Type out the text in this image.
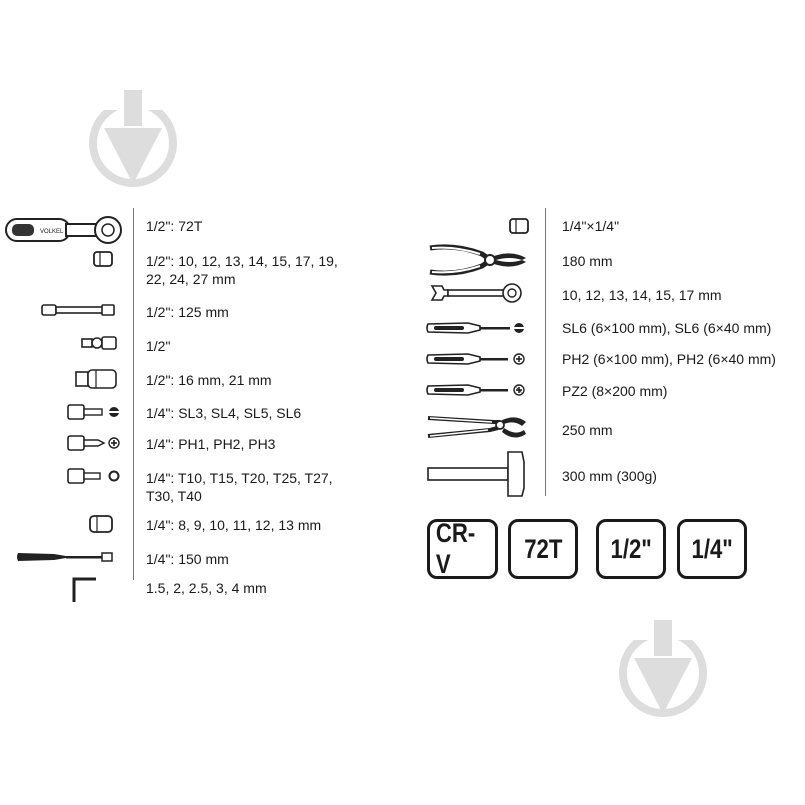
VOLKEL	1/2": 72T
1/2": 10, 12, 13, 14, 15, 17, 19,
22, 24, 27 mm
1/2": 125 mm
1/2"
1/2": 16 mm, 21 mm
1/4": SL3, SL4, SL5, SL6
1/4": PH1, PH2, PH3
1/4": T10, T15, T20, T25, T27,
T30, T40
1/4": 8, 9, 10, 11, 12, 13 mm
1/4": 150 mm
1.5, 2, 2.5, 3, 4 mm
1/4"×1/4"
180 mm
10, 12, 13, 14, 15, 17 mm
SL6 (6×100 mm), SL6 (6×40 mm)
PH2 (6×100 mm), PH2 (6×40 mm)
PZ2 (8×200 mm)
250 mm
300 mm (300g)
CR-V
72T 1/2" 1/4"
